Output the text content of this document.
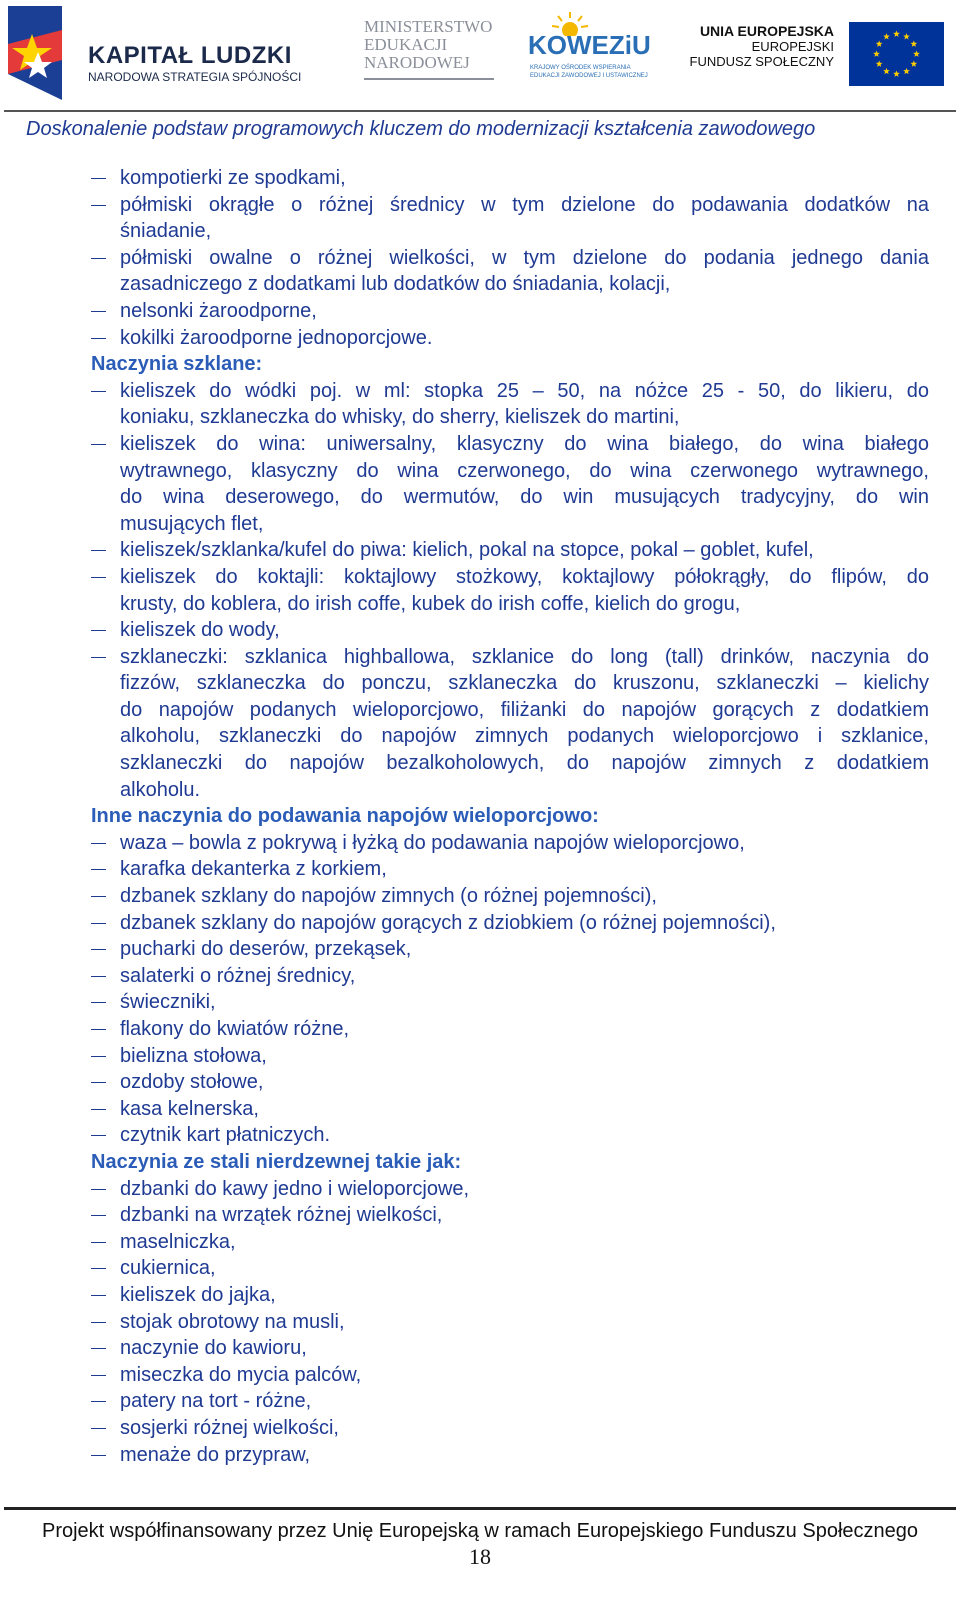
KAPITAŁ LUDZKI
NARODOWA STRATEGIA SPÓJNOŚCI
MINISTERSTWO
EDUKACJI
NARODOWEJ
KOWEZiU
KRAJOWY OŚRODEK WSPIERANIA
EDUKACJI ZAWODOWEJ I USTAWICZNEJ
UNIA EUROPEJSKA
EUROPEJSKI
FUNDUSZ SPOŁECZNY
Doskonalenie podstaw programowych kluczem do modernizacji kształcenia zawodowego
kompotierki ze spodkami,
półmiski okrągłe o różnej średnicy w tym dzielone do podawania dodatków na
śniadanie,
półmiski owalne o różnej wielkości, w tym dzielone do podania jednego dania
zasadniczego z dodatkami lub dodatków do śniadania, kolacji,
nelsonki żaroodporne,
kokilki żaroodporne jednoporcjowe.
Naczynia szklane:
kieliszek do wódki poj. w ml: stopka 25 – 50, na nóżce 25 - 50, do likieru, do
koniaku, szklaneczka do whisky, do sherry, kieliszek do martini,
kieliszek do wina: uniwersalny, klasyczny do wina białego, do wina białego
wytrawnego, klasyczny do wina czerwonego, do wina czerwonego wytrawnego,
do wina deserowego, do wermutów, do win musujących tradycyjny, do win
musujących flet,
kieliszek/szklanka/kufel do piwa: kielich, pokal na stopce, pokal – goblet, kufel,
kieliszek do koktajli: koktajlowy stożkowy, koktajlowy półokrągły, do flipów, do
krusty, do koblera, do irish coffe, kubek do irish coffe, kielich do grogu,
kieliszek do wody,
szklaneczki: szklanica highballowa, szklanice do long (tall) drinków, naczynia do
fizzów, szklaneczka do ponczu, szklaneczka do kruszonu, szklaneczki – kielichy
do napojów podanych wieloporcjowo, filiżanki do napojów gorących z dodatkiem
alkoholu, szklaneczki do napojów zimnych podanych wieloporcjowo i szklanice,
szklaneczki do napojów bezalkoholowych, do napojów zimnych z dodatkiem
alkoholu.
Inne naczynia do podawania napojów wieloporcjowo:
waza – bowla z pokrywą i łyżką do podawania napojów wieloporcjowo,
karafka dekanterka z korkiem,
dzbanek szklany do napojów zimnych (o różnej pojemności),
dzbanek szklany do napojów gorących z dziobkiem (o różnej pojemności),
pucharki do deserów, przekąsek,
salaterki o różnej średnicy,
świeczniki,
flakony do kwiatów różne,
bielizna stołowa,
ozdoby stołowe,
kasa kelnerska,
czytnik kart płatniczych.
Naczynia ze stali nierdzewnej takie jak:
dzbanki do kawy jedno i wieloporcjowe,
dzbanki na wrzątek różnej wielkości,
maselniczka,
cukiernica,
kieliszek do jajka,
stojak obrotowy na musli,
naczynie do kawioru,
miseczka do mycia palców,
patery na tort - różne,
sosjerki różnej wielkości,
menaże do przypraw,
Projekt współfinansowany przez Unię Europejską w ramach Europejskiego Funduszu Społecznego
18
